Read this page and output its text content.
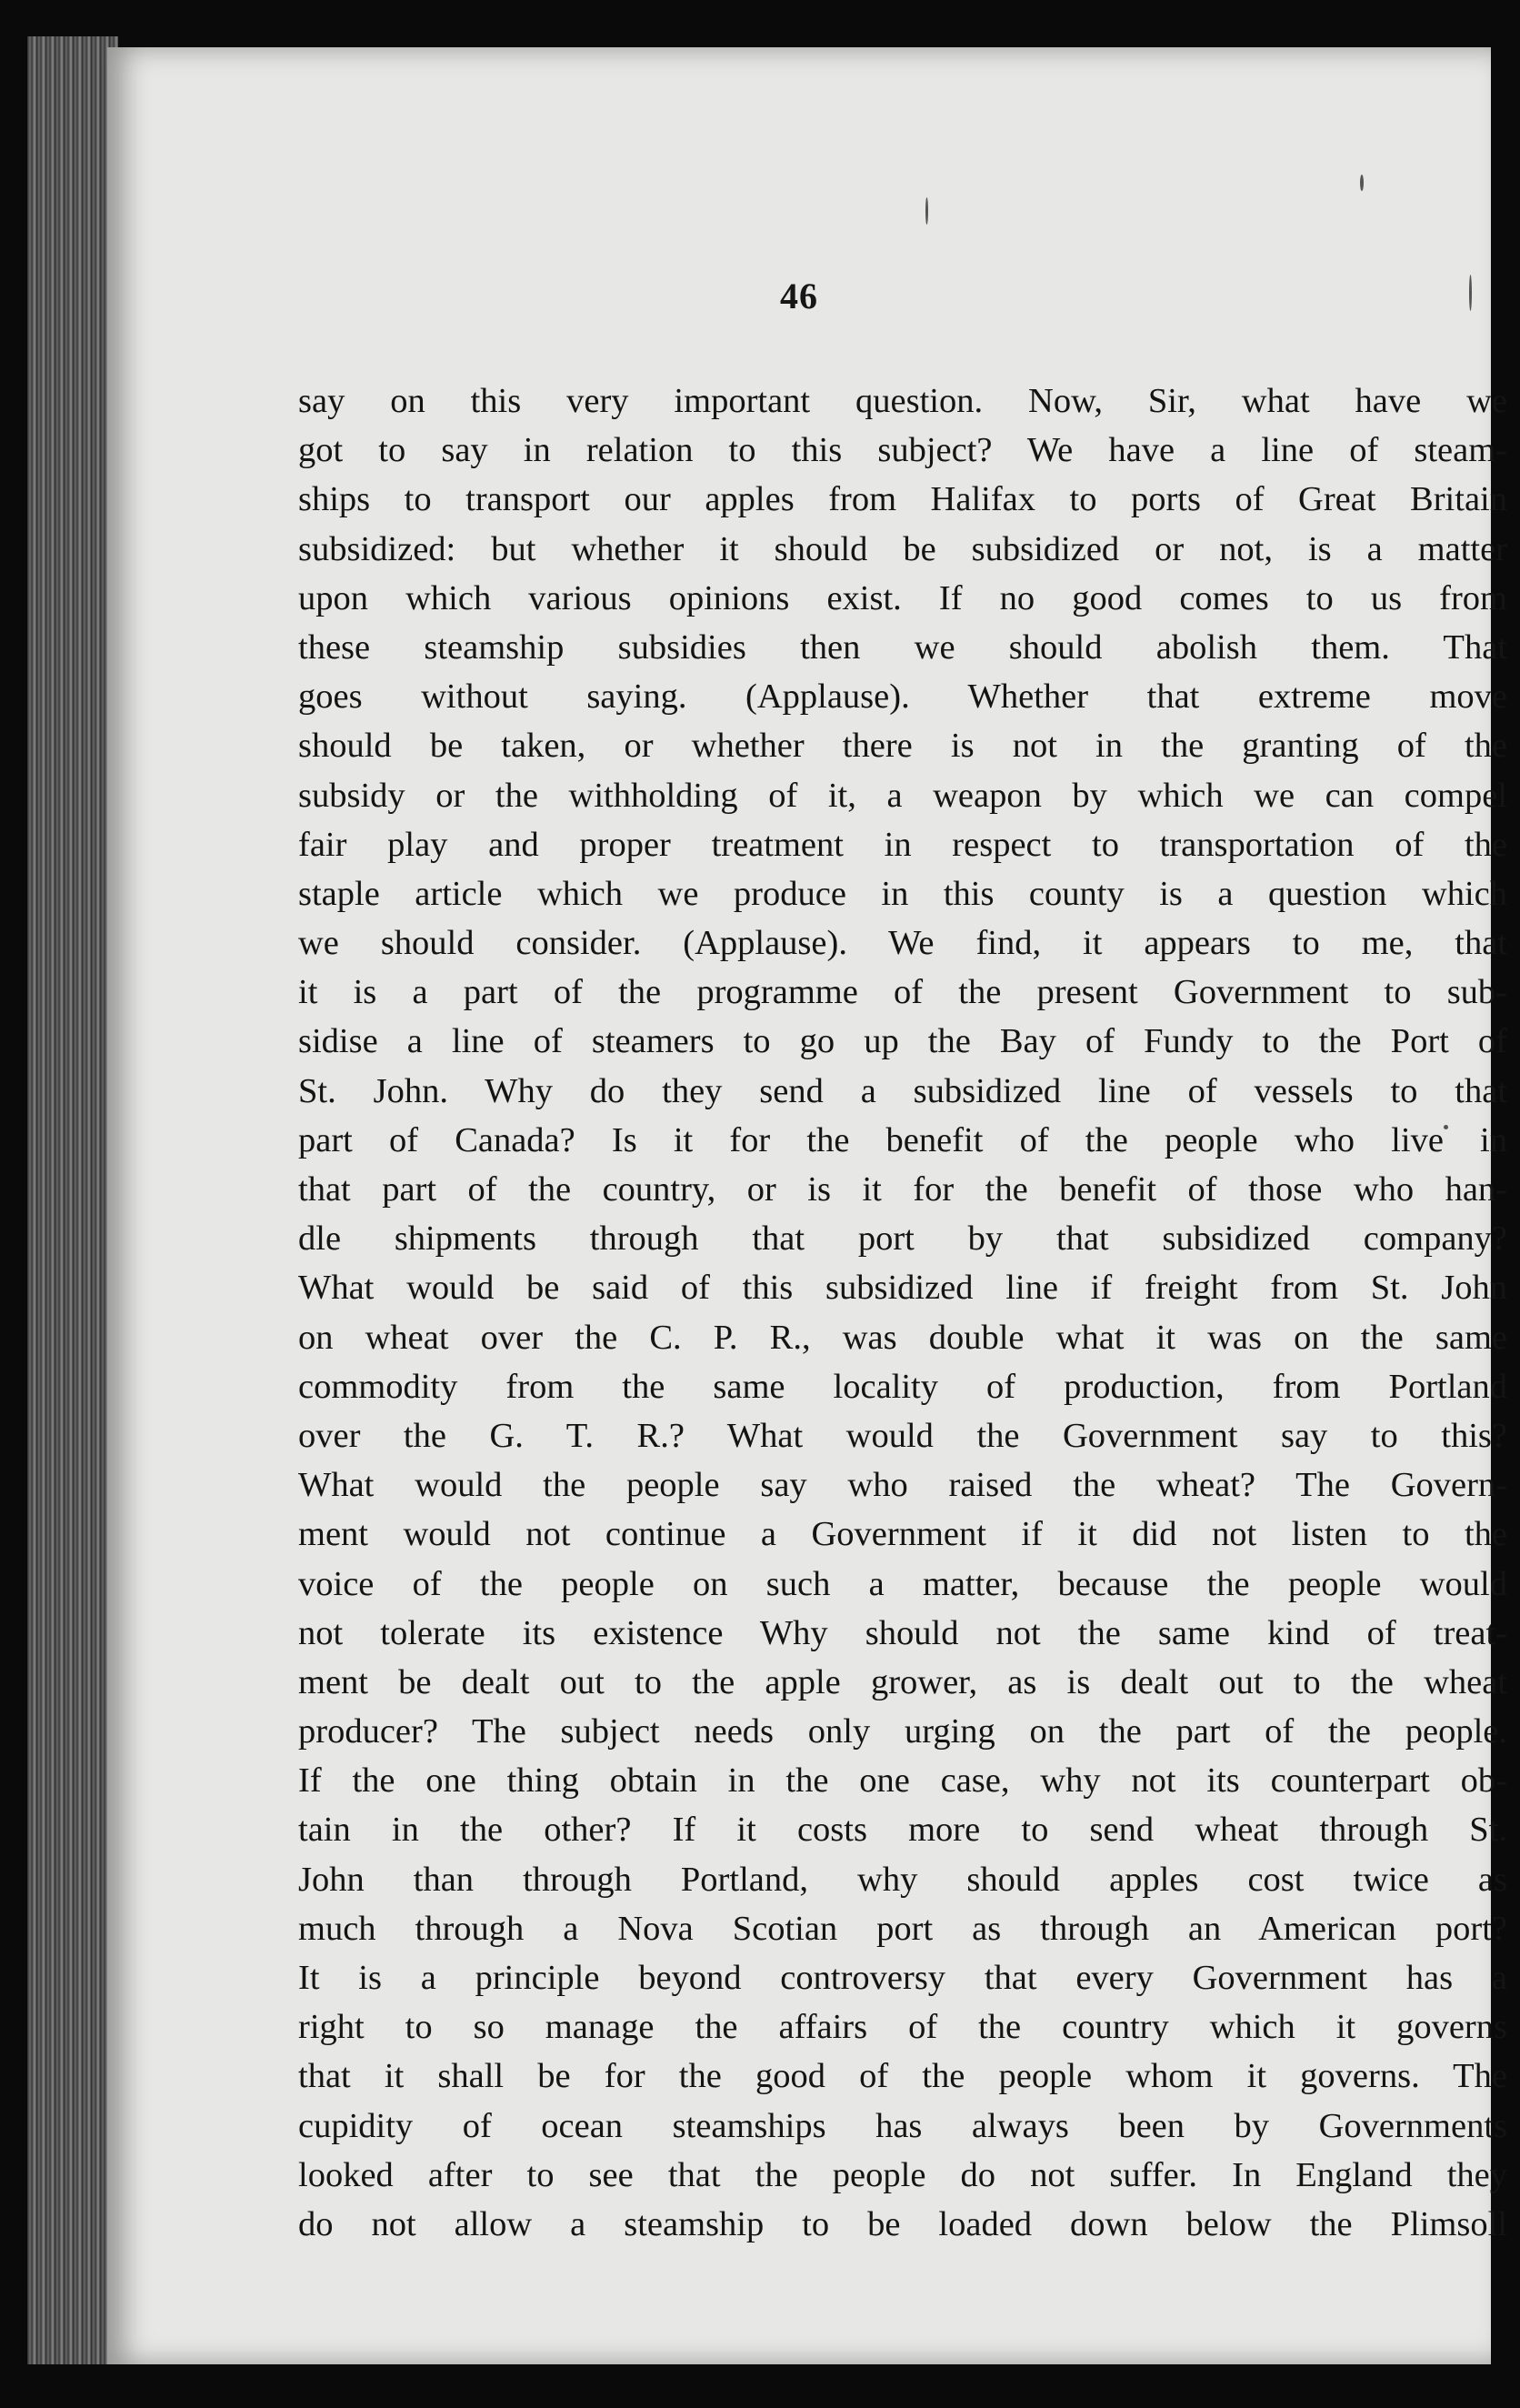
46
say on this very important question. Now, Sir, what have we
got to say in relation to this subject? We have a line of steam-
ships to transport our apples from Halifax to ports of Great Britain
subsidized: but whether it should be subsidized or not, is a matter
upon which various opinions exist. If no good comes to us from
these steamship subsidies then we should abolish them. That
goes without saying. (Applause). Whether that extreme move
should be taken, or whether there is not in the granting of the
subsidy or the withholding of it, a weapon by which we can compel
fair play and proper treatment in respect to transportation of the
staple article which we produce in this county is a question which
we should consider. (Applause). We find, it appears to me, that
it is a part of the programme of the present Government to sub-
sidise a line of steamers to go up the Bay of Fundy to the Port of
St. John. Why do they send a subsidized line of vessels to that
part of Canada? Is it for the benefit of the people who live in
that part of the country, or is it for the benefit of those who han-
dle shipments through that port by that subsidized company?
What would be said of this subsidized line if freight from St. John
on wheat over the C. P. R., was double what it was on the same
commodity from the same locality of production, from Portland
over the G. T. R.? What would the Government say to this?
What would the people say who raised the wheat? The Govern-
ment would not continue a Government if it did not listen to the
voice of the people on such a matter, because the people would
not tolerate its existence Why should not the same kind of treat-
ment be dealt out to the apple grower, as is dealt out to the wheat
producer? The subject needs only urging on the part of the people.
If the one thing obtain in the one case, why not its counterpart ob-
tain in the other? If it costs more to send wheat through St.
John than through Portland, why should apples cost twice as
much through a Nova Scotian port as through an American port?
It is a principle beyond controversy that every Government has a
right to so manage the affairs of the country which it governs
that it shall be for the good of the people whom it governs. The
cupidity of ocean steamships has always been by Governments
looked after to see that the people do not suffer. In England they
do not allow a steamship to be loaded down below the Plimsoll
